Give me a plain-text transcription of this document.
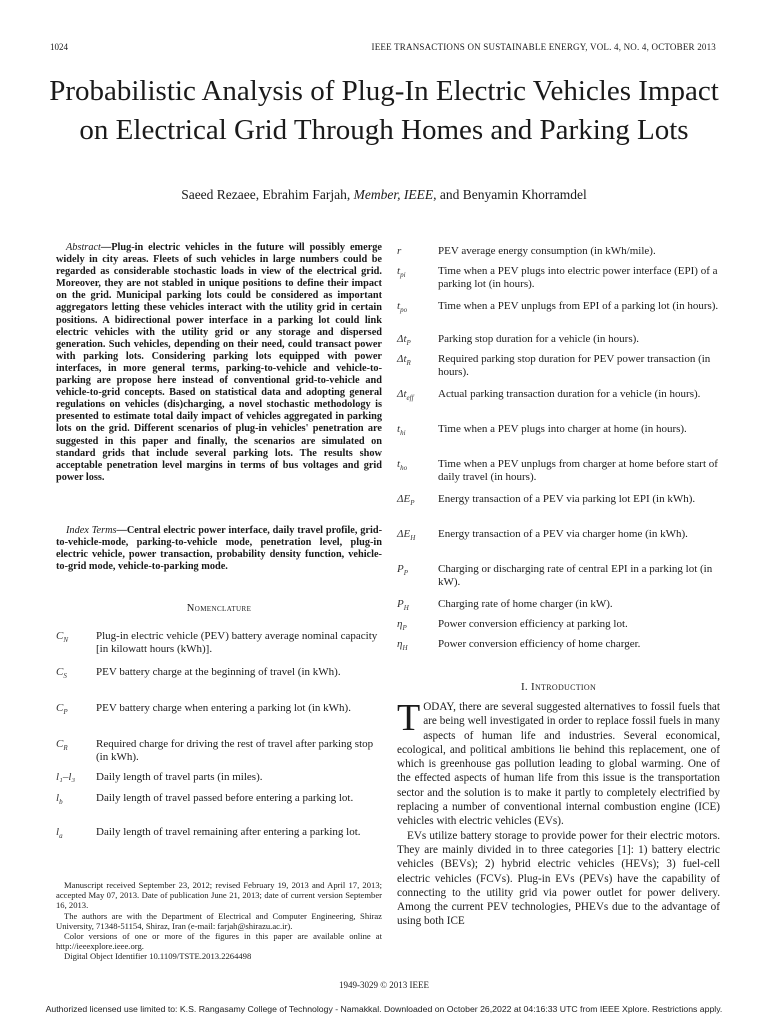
1024	IEEE TRANSACTIONS ON SUSTAINABLE ENERGY, VOL. 4, NO. 4, OCTOBER 2013
Probabilistic Analysis of Plug-In Electric Vehicles Impact on Electrical Grid Through Homes and Parking Lots
Saeed Rezaee, Ebrahim Farjah, Member, IEEE, and Benyamin Khorramdel

Abstract—Plug-in electric vehicles in the future will possibly emerge widely in city areas. Fleets of such vehicles in large numbers could be regarded as considerable stochastic loads in view of the electrical grid. Moreover, they are not stabled in unique positions to define their impact on the grid. Municipal parking lots could be considered as important aggregators letting these vehicles interact with the utility grid in certain positions. A bidirectional power interface in a parking lot could link electric vehicles with the utility grid or any storage and dispersed generation. Such vehicles, depending on their need, could transact power with parking lots. Considering parking lots equipped with power interfaces, in more general terms, parking-to-vehicle and vehicle-to-parking are propose here instead of conventional grid-to-vehicle and vehicle-to-grid concepts. Based on statistical data and adopting general regulations on vehicles (dis)charging, a novel stochastic methodology is presented to estimate total daily impact of vehicles aggregated in parking lots on the grid. Different scenarios of plug-in vehicles' penetration are suggested in this paper and finally, the scenarios are simulated on standard grids that include several parking lots. The results show acceptable penetration level margins in terms of bus voltages and grid power loss.

Index Terms—Central electric power interface, daily travel profile, grid-to-vehicle-mode, parking-to-vehicle mode, penetration level, plug-in electric vehicle, power transaction, probability density function, vehicle-to-grid mode, vehicle-to-parking mode.

Nomenclature
$C_N$	Plug-in electric vehicle (PEV) battery average nominal capacity [in kilowatt hours (kWh)].
$C_S$	PEV battery charge at the beginning of travel (in kWh).
$C_P$	PEV battery charge when entering a parking lot (in kWh).
$C_R$	Required charge for driving the rest of travel after parking stop (in kWh).
l₁–l₃ Daily length of travel parts (in miles).
$l_b$	Daily length of travel passed before entering a parking lot.
$l_a$	Daily length of travel remaining after entering a parking lot.
r	PEV average energy consumption (in kWh/mile).
$t_{pi}$	Time when a PEV plugs into electric power interface (EPI) of a parking lot (in hours).
$t_{po}$	Time when a PEV unplugs from EPI of a parking lot (in hours).
$\Delta t_P$ Parking stop duration for a vehicle (in hours).
$\Delta t_R$ Required parking stop duration for PEV power transaction (in hours).
$\Delta t_{eff}$ Actual parking transaction duration for a vehicle (in hours).
$t_{hi}$	Time when a PEV plugs into charger at home (in hours).
$t_{ho}$	Time when a PEV unplugs from charger at home before start of daily travel (in hours).
$\Delta E_P$ Energy transaction of a PEV via parking lot EPI (in kWh).
$\Delta E_H$ Energy transaction of a PEV via charger home (in kWh).
$P_P$	Charging or discharging rate of central EPI in a parking lot (in kW).
$P_H$	Charging rate of home charger (in kW).
$\eta_P$	Power conversion efficiency at parking lot.
$\eta_H$	Power conversion efficiency of home charger.

Manuscript received September 23, 2012; revised February 19, 2013 and April 17, 2013; accepted May 07, 2013. Date of publication June 21, 2013; date of current version September 16, 2013.

The authors are with the Department of Electrical and Computer Engineering, Shiraz University, 71348-51154, Shiraz, Iran (e-mail: farjah@shirazu.ac.ir).

Color versions of one or more of the figures in this paper are available online at http://ieeexplore.ieee.org.

Digital Object Identifier 10.1109/TSTE.2013.2264498

I. Introduction

TODAY, there are several suggested alternatives to fossil fuels that are being well investigated in order to replace fossil fuels in many aspects of human life and industries. Several economical, ecological, and political ambitions lie behind this replacement, one of which is greenhouse gas pollution leading to global warming. One of the effected aspects of human life from this issue is the transportation sector and the solution is to make it partly to completely electrified by replacing a number of conventional internal combustion engine (ICE) vehicles with electric vehicles (EVs).

EVs utilize battery storage to provide power for their electric motors. They are mainly divided in to three categories [1]: 1) battery electric vehicles (BEVs); 2) hybrid electric vehicles (HEVs); 3) fuel-cell electric vehicles (FCVs). Plug-in EVs (PEVs) have the capability of connecting to the utility grid via power outlet for power delivery. Among the current PEV technologies, PHEVs due to the advantage of using both ICE

1949-3029 © 2013 IEEE
Authorized licensed use limited to: K.S. Rangasamy College of Technology - Namakkal. Downloaded on October 26,2022 at 04:16:33 UTC from IEEE Xplore. Restrictions apply.
